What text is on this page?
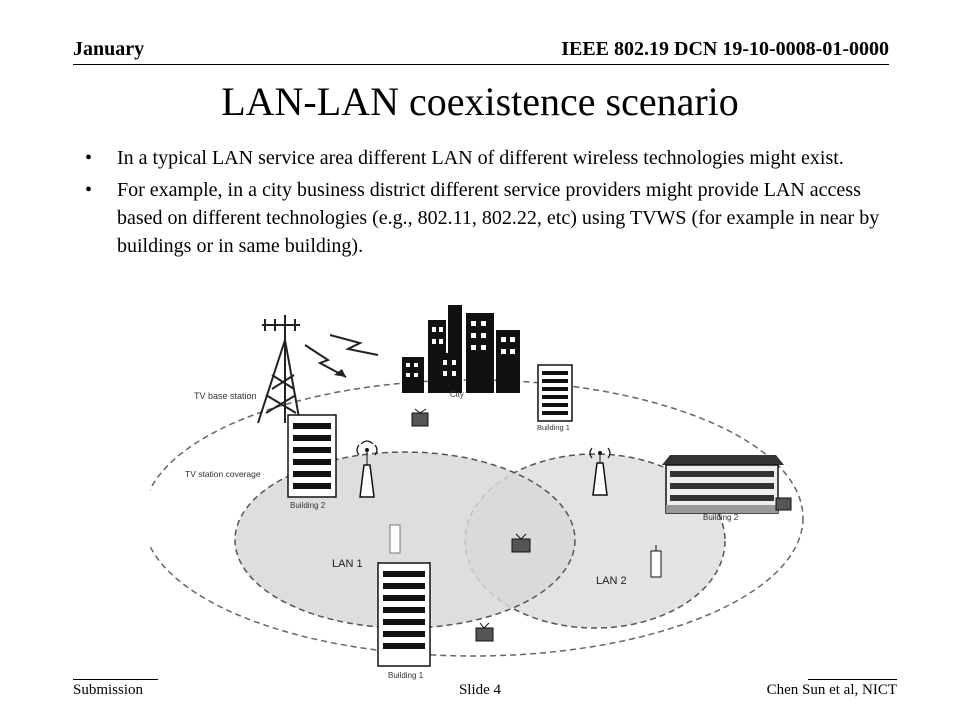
January	IEEE 802.19 DCN 19-10-0008-01-0000
LAN-LAN coexistence scenario
• In a typical LAN service area different LAN of different wireless technologies might exist.
• For example, in a city business district different service providers might provide LAN access based on different technologies (e.g., 802.11, 802.22, etc) using TVWS (for example in near by buildings or in same building).
TV base station	City
Building 1
TV station coverage
Building 2
Building 2
LAN 1
LAN 2
Building 1
Submission	Slide 4	Chen Sun et al, NICT
